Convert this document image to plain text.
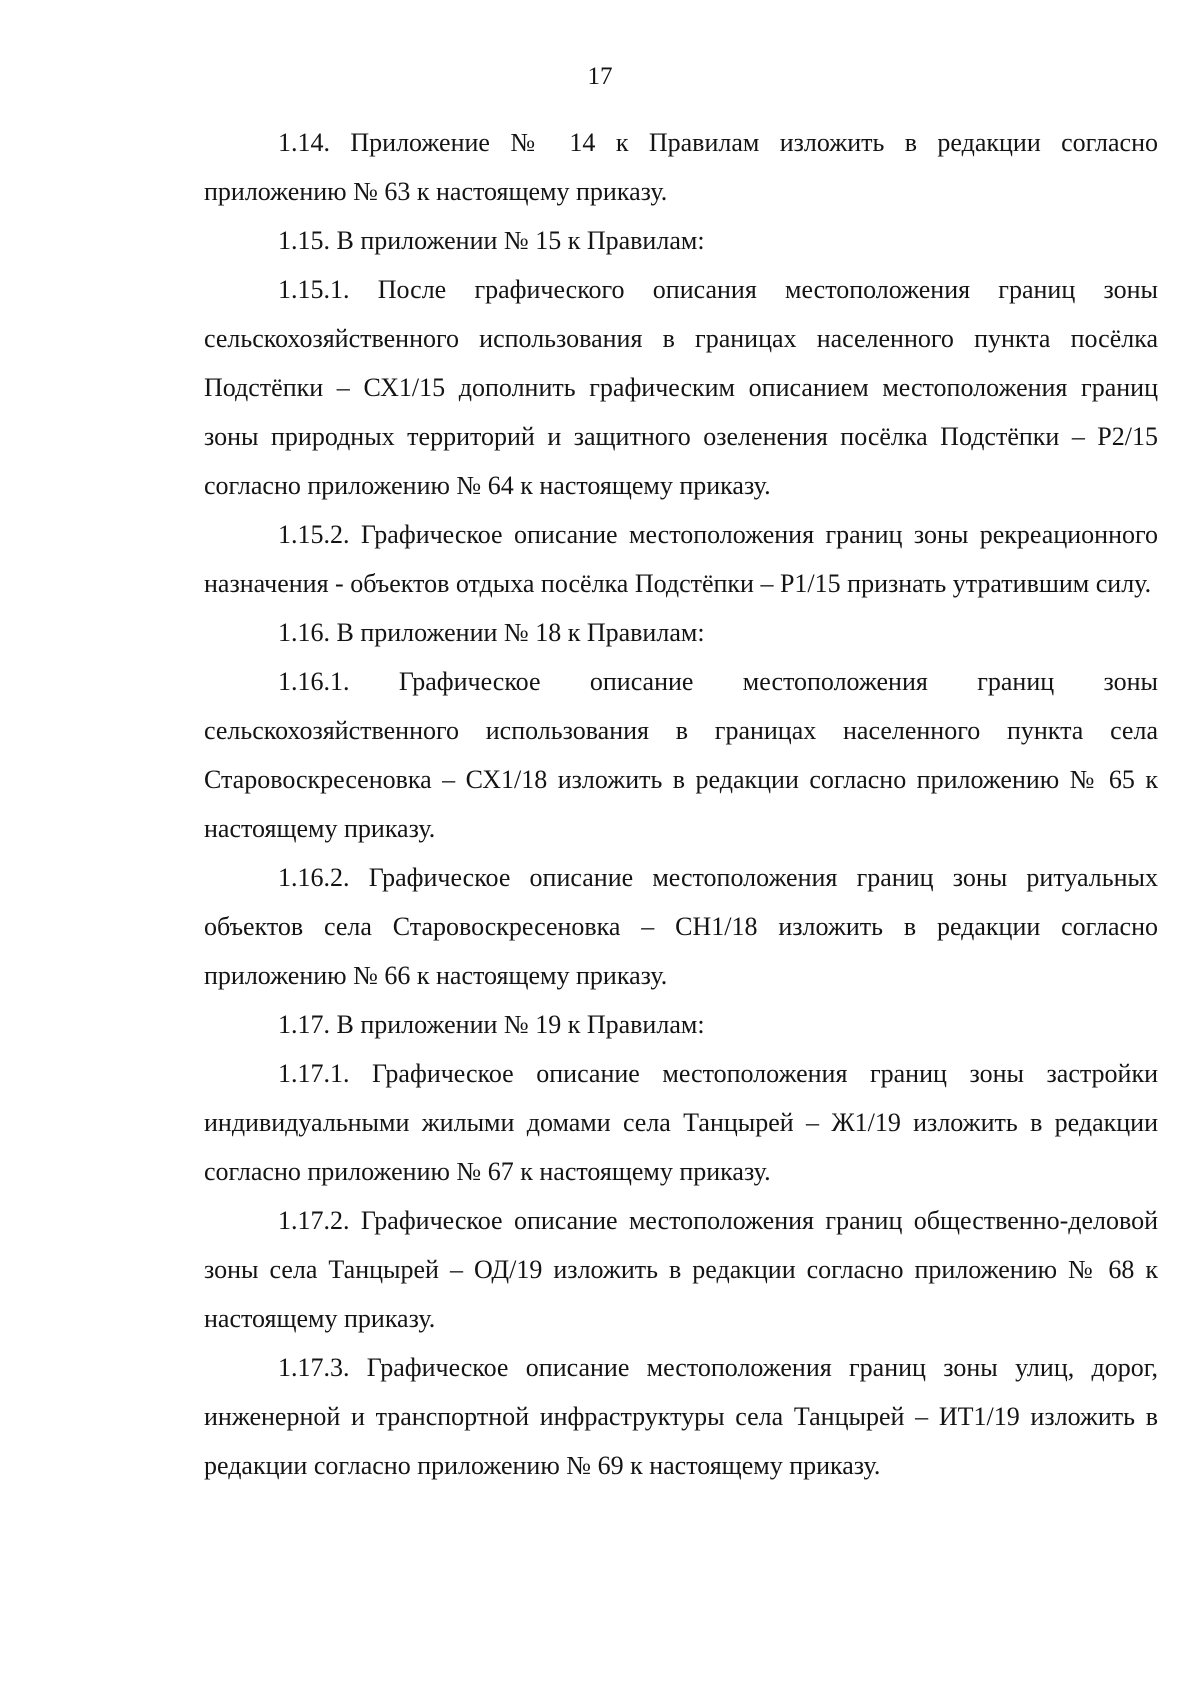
17

1.14. Приложение № 14 к Правилам изложить в редакции согласно приложению № 63 к настоящему приказу.

1.15. В приложении № 15 к Правилам:

1.15.1. После графического описания местоположения границ зоны сельскохозяйственного использования в границах населенного пункта посёлка Подстёпки – СХ1/15 дополнить графическим описанием местоположения границ зоны природных территорий и защитного озеленения посёлка Подстёпки – Р2/15 согласно приложению № 64 к настоящему приказу.

1.15.2. Графическое описание местоположения границ зоны рекреационного назначения - объектов отдыха посёлка Подстёпки – Р1/15 признать утратившим силу.

1.16. В приложении № 18 к Правилам:

1.16.1. Графическое описание местоположения границ зоны сельскохозяйственного использования в границах населенного пункта села Старовоскресеновка – СХ1/18 изложить в редакции согласно приложению № 65 к настоящему приказу.

1.16.2. Графическое описание местоположения границ зоны ритуальных объектов села Старовоскресеновка – СН1/18 изложить в редакции согласно приложению № 66 к настоящему приказу.

1.17. В приложении № 19 к Правилам:

1.17.1. Графическое описание местоположения границ зоны застройки индивидуальными жилыми домами села Танцырей – Ж1/19 изложить в редакции согласно приложению № 67 к настоящему приказу.

1.17.2. Графическое описание местоположения границ общественно-деловой зоны села Танцырей – ОД/19 изложить в редакции согласно приложению № 68 к настоящему приказу.

1.17.3. Графическое описание местоположения границ зоны улиц, дорог, инженерной и транспортной инфраструктуры села Танцырей – ИТ1/19 изложить в редакции согласно приложению № 69 к настоящему приказу.
